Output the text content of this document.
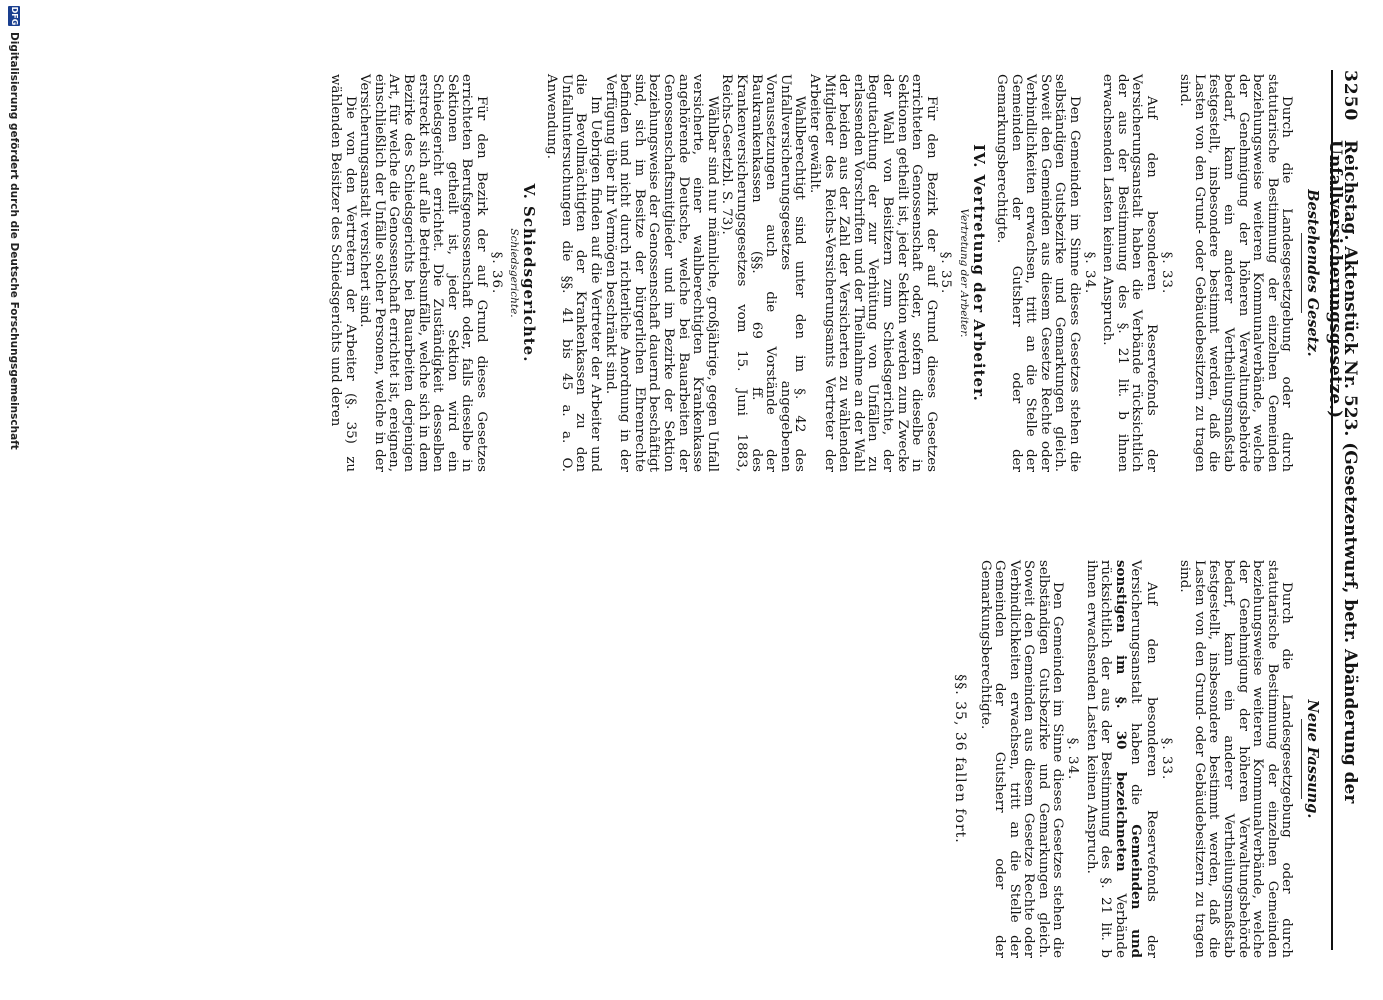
3250
Reichstag. Aktenstück Nr. 523. (Gesetzentwurf, betr. Abänderung der Unfallversicherungsgesetze.)
Bestehendes Gesetz.

Durch die Landesgesetzgebung oder durch statutarische Bestimmung der einzelnen Gemeinden beziehungsweise weiteren Kommunalverbände, welche der Genehmigung der höheren Verwaltungsbehörde bedarf, kann ein anderer Vertheilungsmaßstab festgestellt, insbesondere bestimmt werden, daß die Lasten von den Grund- oder Gebäudebesitzern zu tragen sind.

§. 33.

Auf den besonderen Reservefonds der Versicherungsanstalt haben die Verbände rücksichtlich der aus der Bestimmung des §. 21 lit. b ihnen erwachsenden Lasten keinen Anspruch.

§. 34.

Den Gemeinden im Sinne dieses Gesetzes stehen die selbständigen Gutsbezirke und Gemarkungen gleich. Soweit den Gemeinden aus diesem Gesetze Rechte oder Verbindlichkeiten erwachsen, tritt an die Stelle der Gemeinden der Gutsherr oder der Gemarkungsberechtigte.

IV. Vertretung der Arbeiter.
Vertretung der Arbeiter.
§. 35.

Für den Bezirk der auf Grund dieses Gesetzes errichteten Genossenschaft oder, sofern dieselbe in Sektionen getheilt ist, jeder Sektion werden zum Zwecke der Wahl von Beisitzern zum Schiedsgerichte, der Begutachtung der zur Verhütung von Unfällen zu erlassenden Vorschriften und der Theilnahme an der Wahl der beiden aus der Zahl der Versicherten zu wählenden Mitglieder des Reichs-Versicherungsamts Vertreter der Arbeiter gewählt.

Wahlberechtigt sind unter den im §. 42 des Unfallversicherungsgesetzes angegebenen Voraussetzungen auch die Vorstände der Baukrankenkassen (§§. 69 ff. des Krankenversicherungsgesetzes vom 15. Juni 1883, Reichs-Gesetzbl. S. 73).

Wählbar sind nur männliche, großjährige, gegen Unfall versicherte, einer wahlberechtigten Krankenkasse angehörende Deutsche, welche bei Bauarbeiten der Genossenschaftsmitglieder und im Bezirke der Sektion beziehungsweise der Genossenschaft dauernd beschäftigt sind, sich im Besitze der bürgerlichen Ehrenrechte befinden und nicht durch richterliche Anordnung in der Verfügung über ihr Vermögen beschränkt sind.

Im Uebrigen finden auf die Vertreter der Arbeiter und die Bevollmächtigten der Krankenkassen zu den Unfalluntersuchungen die §§. 41 bis 45 a. a. O. Anwendung.

V. Schiedsgerichte.
Schiedsgerichte.
§. 36.

Für den Bezirk der auf Grund dieses Gesetzes errichteten Berufsgenossenschaft oder, falls dieselbe in Sektionen getheilt ist, jeder Sektion wird ein Schiedsgericht errichtet. Die Zuständigkeit desselben erstreckt sich auf alle Betriebsunfälle, welche sich in dem Bezirke des Schiedsgerichts bei Bauarbeiten derjenigen Art, für welche die Genossenschaft errichtet ist, ereignen, einschließlich der Unfälle solcher Personen, welche in der Versicherungsanstalt versichert sind.

Die von den Vertretern der Arbeiter (§. 35) zu wählenden Beisitzer des Schiedsgerichts und deren

Neue Fassung.

Durch die Landesgesetzgebung oder durch statutarische Bestimmung der einzelnen Gemeinden beziehungsweise weiteren Kommunalverbände, welche der Genehmigung der höheren Verwaltungsbehörde bedarf, kann ein anderer Vertheilungsmaßstab festgestellt, insbesondere bestimmt werden, daß die Lasten von den Grund- oder Gebäudebesitzern zu tragen sind.

§. 33.

Auf den besonderen Reservefonds der Versicherungsanstalt haben die Gemeinden und sonstigen im §. 30 bezeichneten Verbände rücksichtlich der aus der Bestimmung des §. 21 lit. b ihnen erwachsenden Lasten keinen Anspruch.

§. 34.

Den Gemeinden im Sinne dieses Gesetzes stehen die selbständigen Gutsbezirke und Gemarkungen gleich. Soweit den Gemeinden aus diesem Gesetze Rechte oder Verbindlichkeiten erwachsen, tritt an die Stelle der Gemeinden der Gutsherr oder der Gemarkungsberechtigte.

§§. 35, 36 fallen fort.
DFG
Digitalisierung gefördert durch die Deutsche Forschungsgemeinschaft
